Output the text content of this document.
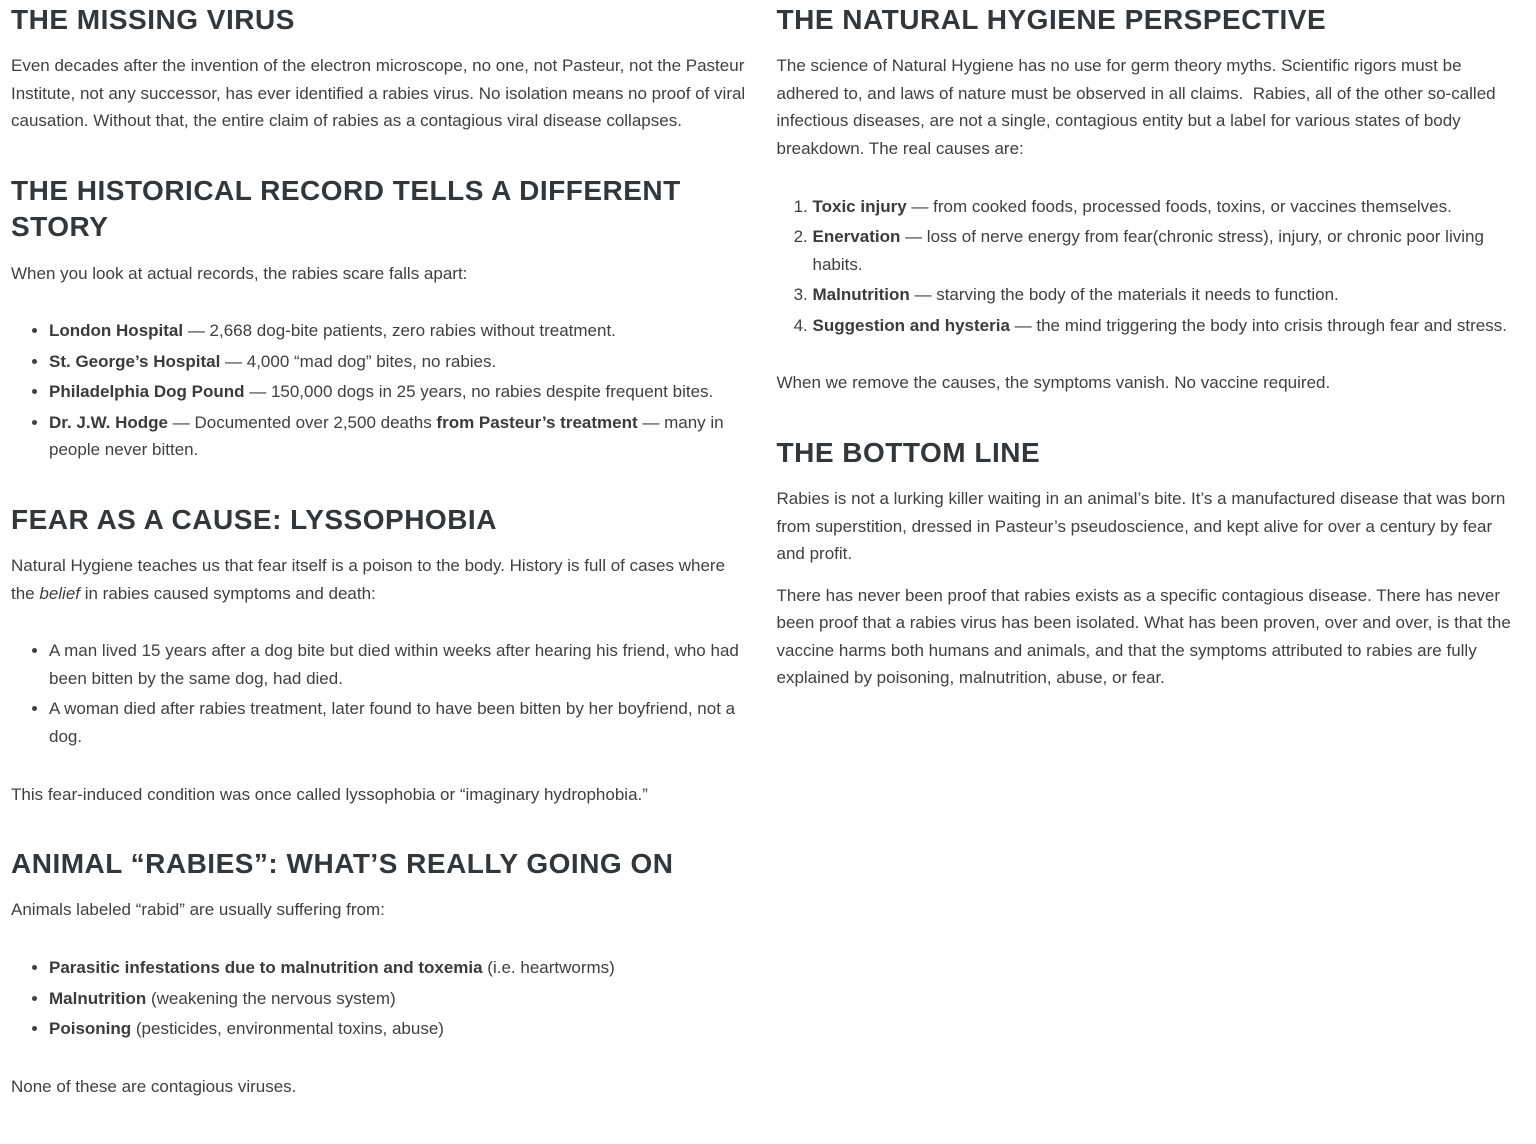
THE MISSING VIRUS

Even decades after the invention of the electron microscope, no one, not Pasteur, not the Pasteur Institute, not any successor, has ever identified a rabies virus. No isolation means no proof of viral causation. Without that, the entire claim of rabies as a contagious viral disease collapses.

THE HISTORICAL RECORD TELLS A DIFFERENT STORY

When you look at actual records, the rabies scare falls apart:

• London Hospital — 2,668 dog-bite patients, zero rabies without treatment.
• St. George’s Hospital — 4,000 “mad dog” bites, no rabies.
• Philadelphia Dog Pound — 150,000 dogs in 25 years, no rabies despite frequent bites.
• Dr. J.W. Hodge — Documented over 2,500 deaths from Pasteur’s treatment — many in people never bitten.
FEAR AS A CAUSE: LYSSOPHOBIA

Natural Hygiene teaches us that fear itself is a poison to the body. History is full of cases where the belief in rabies caused symptoms and death:

• A man lived 15 years after a dog bite but died within weeks after hearing his friend, who had been bitten by the same dog, had died.
• A woman died after rabies treatment, later found to have been bitten by her boyfriend, not a dog.

This fear-induced condition was once called lyssophobia or “imaginary hydrophobia.”

ANIMAL “RABIES”: WHAT’S REALLY GOING ON

Animals labeled “rabid” are usually suffering from:

• Parasitic infestations due to malnutrition and toxemia (i.e. heartworms)
• Malnutrition (weakening the nervous system)
• Poisoning (pesticides, environmental toxins, abuse)

None of these are contagious viruses.

THE NATURAL HYGIENE PERSPECTIVE

The science of Natural Hygiene has no use for germ theory myths. Scientific rigors must be adhered to, and laws of nature must be observed in all claims.  Rabies, all of the other so-called infectious diseases, are not a single, contagious entity but a label for various states of body breakdown. The real causes are:

1. Toxic injury — from cooked foods, processed foods, toxins, or vaccines themselves.
2. Enervation — loss of nerve energy from fear(chronic stress), injury, or chronic poor living habits.
3. Malnutrition — starving the body of the materials it needs to function.
4. Suggestion and hysteria — the mind triggering the body into crisis through fear and stress.

When we remove the causes, the symptoms vanish. No vaccine required.

THE BOTTOM LINE

Rabies is not a lurking killer waiting in an animal’s bite. It’s a manufactured disease that was born from superstition, dressed in Pasteur’s pseudoscience, and kept alive for over a century by fear and profit.

There has never been proof that rabies exists as a specific contagious disease. There has never been proof that a rabies virus has been isolated. What has been proven, over and over, is that the vaccine harms both humans and animals, and that the symptoms attributed to rabies are fully explained by poisoning, malnutrition, abuse, or fear.
